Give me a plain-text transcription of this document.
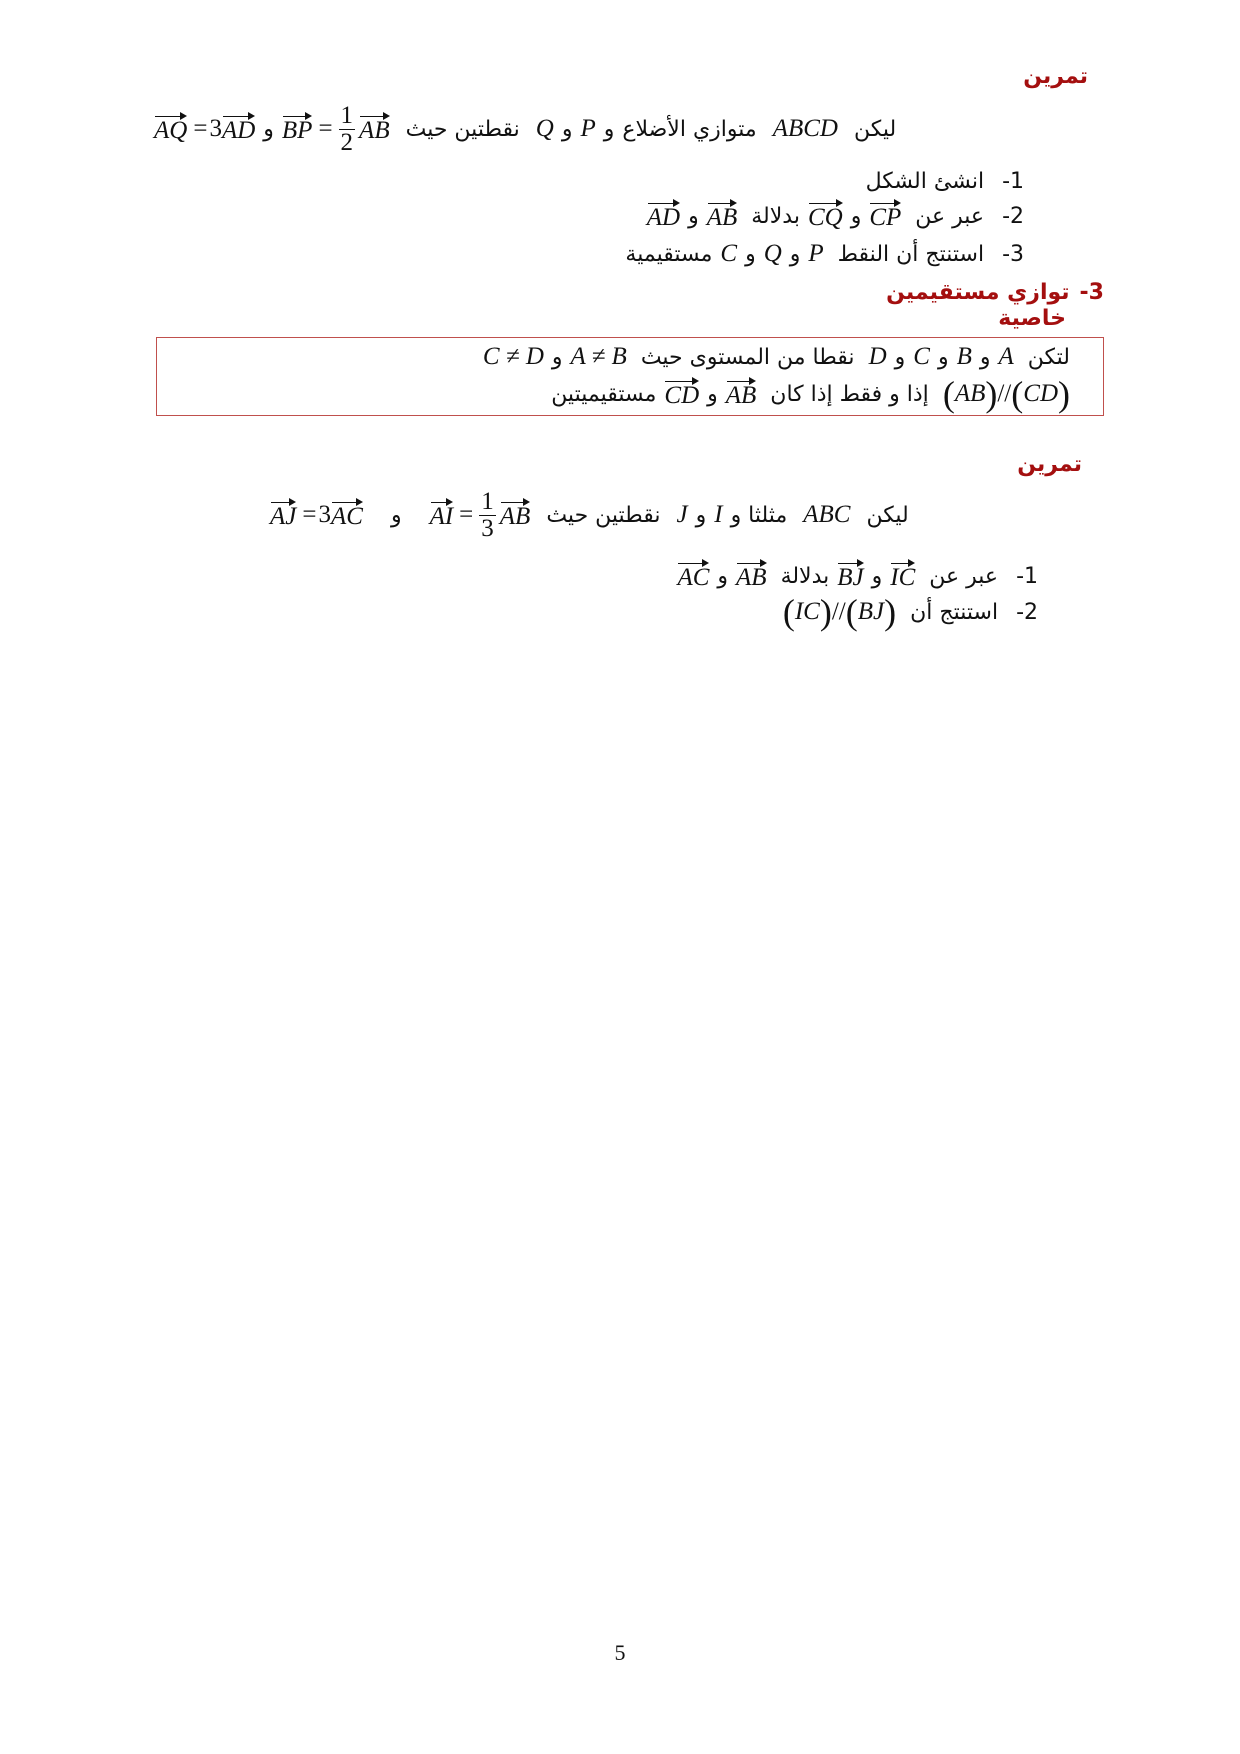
تمرين
AQ = 3 AD و BP = $\frac{1}{2}$ AB نقطتين حيث Q و P و متوازي الأضلاع ABCD ليكن
انشئ الشكل -1
AD و AB بدلالة CQ و CP عبر عن -2
مستقيمية C و Q و P استنتج أن النقط -3
توازي مستقيمين -3
خاصية
C ≠ D و A ≠ B نقطا من المستوى حيث D و C و B و A لتكن
مستقيميتين CD و AB إذا و فقط إذا كان ( AB ) // ( CD )
تمرين
AJ = 3 AC و AI = $\frac{1}{3}$ AB نقطتين حيث J و I مثلثا و ABC ليكن
AC و AB بدلالة BJ و IC عبر عن -1
( IC ) // ( BJ ) استنتج أن -2
5
